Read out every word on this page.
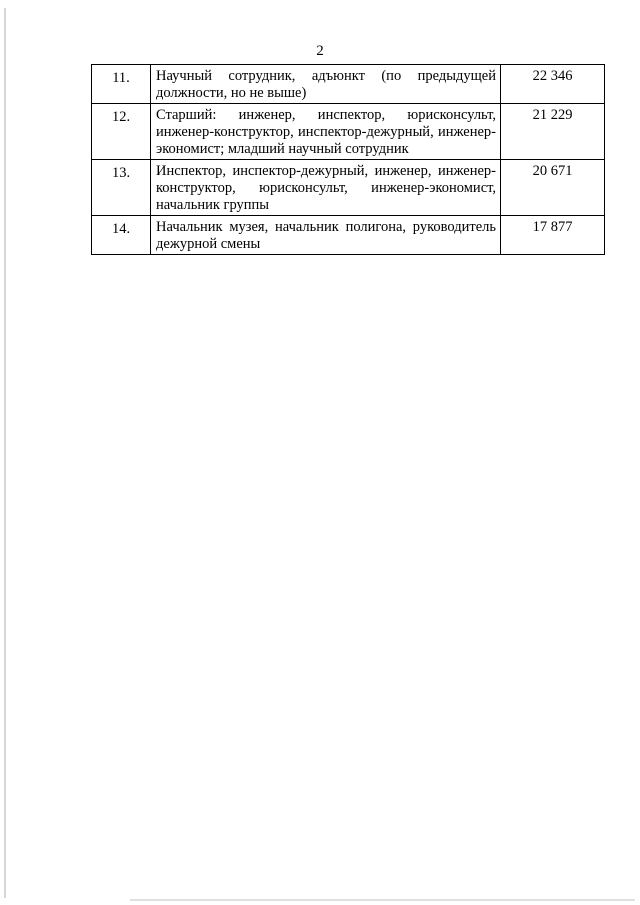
2
11.	Научный сотрудник, адъюнкт (по предыдущей должности, но не выше)	22 346
12.	Старший: инженер, инспектор, юрисконсульт, инженер-конструктор, инспектор-дежурный, инженер-экономист; младший научный сотрудник	21 229
13.	Инспектор, инспектор-дежурный, инженер, инженер-конструктор, юрисконсульт, инженер-экономист, начальник группы	20 671
14.	Начальник музея, начальник полигона, руководитель дежурной смены	17 877
